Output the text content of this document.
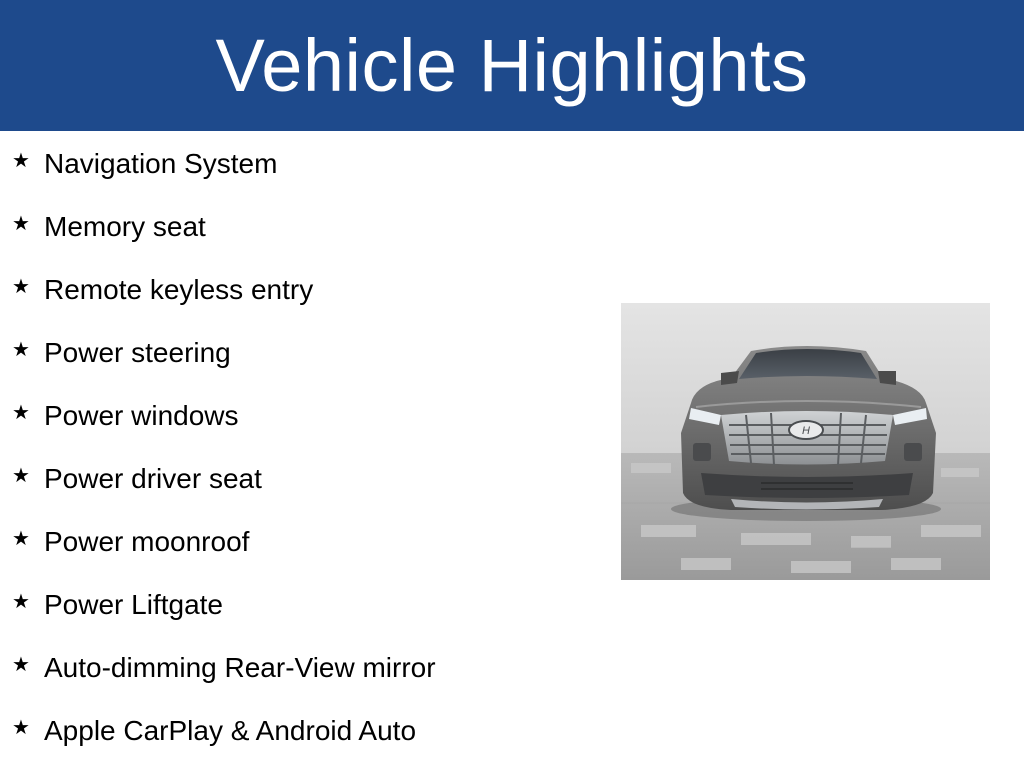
Vehicle Highlights
★ Navigation System
★ Memory seat
★ Remote keyless entry
★ Power steering
★ Power windows
★ Power driver seat
★ Power moonroof
★ Power Liftgate
★ Auto-dimming Rear-View mirror
★ Apple CarPlay & Android Auto
H
